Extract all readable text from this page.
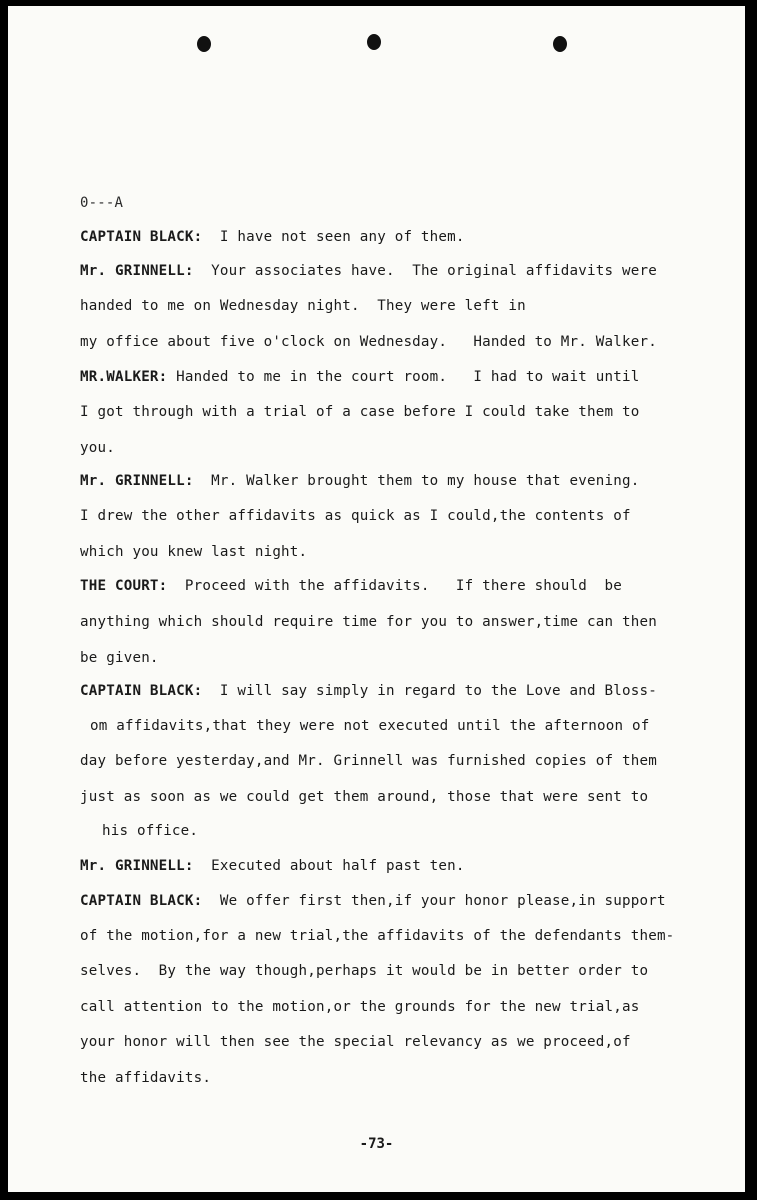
0---A
CAPTAIN BLACK:  I have not seen any of them.
Mr. GRINNELL:  Your associates have.  The original affidavits were
handed to me on Wednesday night.  They were left in
my office about five o'clock on Wednesday.   Handed to Mr. Walker.
MR.WALKER: Handed to me in the court room.   I had to wait until
I got through with a trial of a case before I could take them to
you.
Mr. GRINNELL:  Mr. Walker brought them to my house that evening.
I drew the other affidavits as quick as I could,the contents of
which you knew last night.
THE COURT:  Proceed with the affidavits.   If there should  be
anything which should require time for you to answer,time can then
be given.
CAPTAIN BLACK:  I will say simply in regard to the Love and Bloss-
om affidavits,that they were not executed until the afternoon of
day before yesterday,and Mr. Grinnell was furnished copies of them
just as soon as we could get them around, those that were sent to
his office.
Mr. GRINNELL:  Executed about half past ten.
CAPTAIN BLACK:  We offer first then,if your honor please,in support
of the motion,for a new trial,the affidavits of the defendants them-
selves.  By the way though,perhaps it would be in better order to
call attention to the motion,or the grounds for the new trial,as
your honor will then see the special relevancy as we proceed,of
the affidavits.
-73-
